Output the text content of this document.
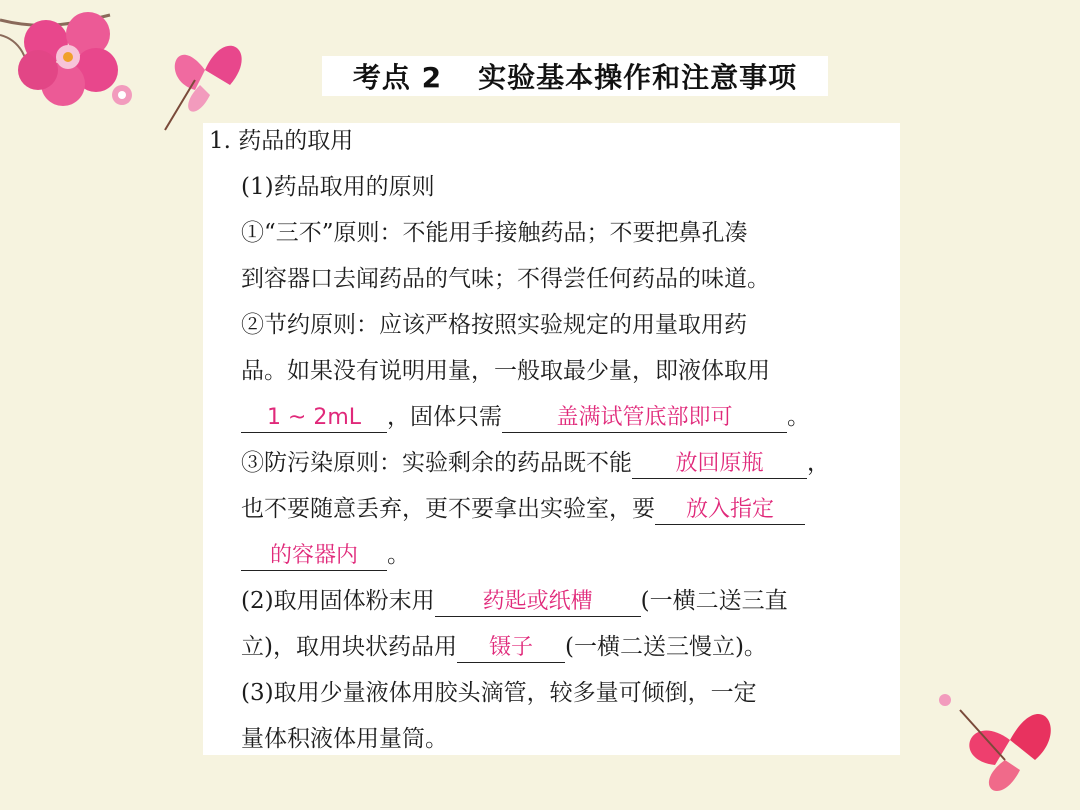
考点 2 实验基本操作和注意事项
1. 药品的取用
(1)药品取用的原则
①“三不”原则：不能用手接触药品；不要把鼻孔凑
到容器口去闻药品的气味；不得尝任何药品的味道。
②节约原则：应该严格按照实验规定的用量取用药
品。如果没有说明用量，一般取最少量，即液体取用
1 ~ 2mL ，固体只需 盖满试管底部即可 。
③防污染原则：实验剩余的药品既不能 放回原瓶 ，
也不要随意丢弃，更不要拿出实验室，要 放入指定
的容器内 。
(2)取用固体粉末用 药匙或纸槽 (一横二送三直
立)，取用块状药品用 镊子 (一横二送三慢立)。
(3)取用少量液体用胶头滴管，较多量可倾倒，一定
量体积液体用量筒。
